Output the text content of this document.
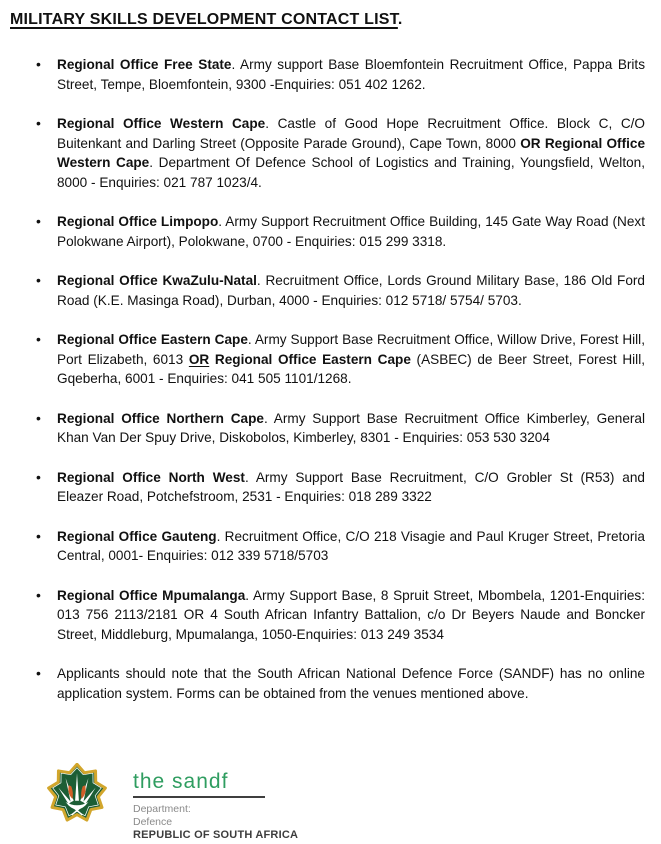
MILITARY SKILLS DEVELOPMENT CONTACT LIST.
• Regional Office Free State. Army support Base Bloemfontein Recruitment Office, Pappa Brits Street, Tempe, Bloemfontein, 9300 -Enquiries: 051 402 1262.
• Regional Office Western Cape. Castle of Good Hope Recruitment Office. Block C, C/O Buitenkant and Darling Street (Opposite Parade Ground), Cape Town, 8000 OR Regional Office Western Cape. Department Of Defence School of Logistics and Training, Youngsfield, Welton, 8000 - Enquiries: 021 787 1023/4.
• Regional Office Limpopo. Army Support Recruitment Office Building, 145 Gate Way Road (Next Polokwane Airport), Polokwane, 0700 - Enquiries: 015 299 3318.
• Regional Office KwaZulu-Natal. Recruitment Office, Lords Ground Military Base, 186 Old Ford Road (K.E. Masinga Road), Durban, 4000 - Enquiries: 012 5718/ 5754/ 5703.
• Regional Office Eastern Cape. Army Support Base Recruitment Office, Willow Drive, Forest Hill, Port Elizabeth, 6013 OR Regional Office Eastern Cape (ASBEC) de Beer Street, Forest Hill, Gqeberha, 6001 - Enquiries: 041 505 1101/1268.
• Regional Office Northern Cape. Army Support Base Recruitment Office Kimberley, General Khan Van Der Spuy Drive, Diskobolos, Kimberley, 8301 - Enquiries: 053 530 3204
• Regional Office North West. Army Support Base Recruitment, C/O Grobler St (R53) and Eleazer Road, Potchefstroom, 2531 - Enquiries: 018 289 3322
• Regional Office Gauteng. Recruitment Office, C/O 218 Visagie and Paul Kruger Street, Pretoria Central, 0001- Enquiries: 012 339 5718/5703
• Regional Office Mpumalanga. Army Support Base, 8 Spruit Street, Mbombela, 1201-Enquiries: 013 756 2113/2181 OR 4 South African Infantry Battalion, c/o Dr Beyers Naude and Boncker Street, Middleburg, Mpumalanga, 1050-Enquiries: 013 249 3534
• Applicants should note that the South African National Defence Force (SANDF) has no online application system. Forms can be obtained from the venues mentioned above.
the sandf
Department:
Defence
REPUBLIC OF SOUTH AFRICA
